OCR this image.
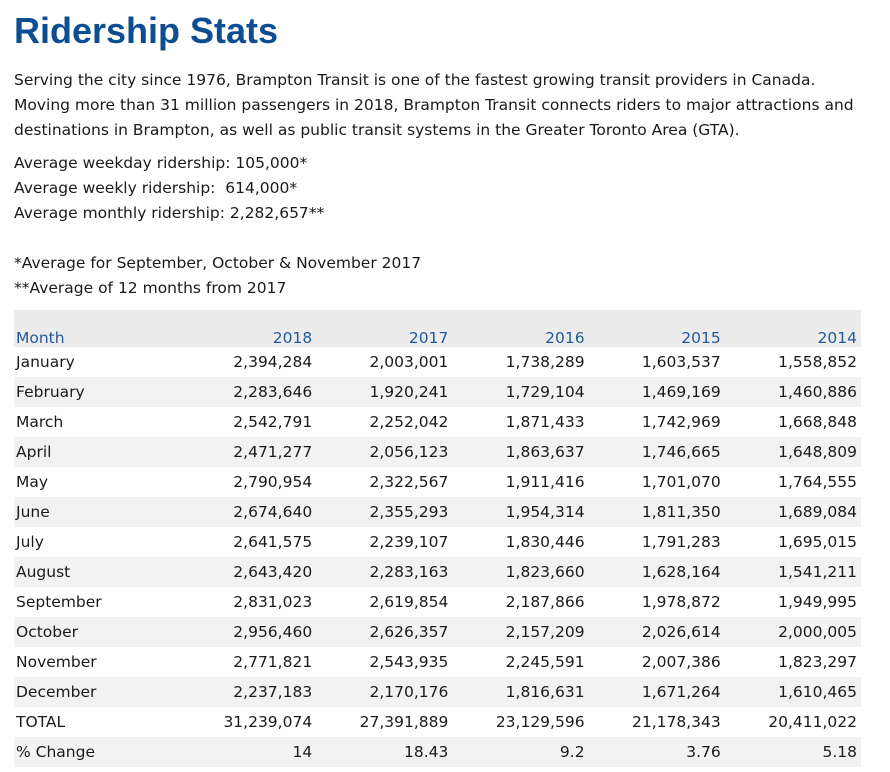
Ridership Stats

Serving the city since 1976, Brampton Transit is one of the fastest growing transit providers in Canada. Moving more than 31 million passengers in 2018, Brampton Transit connects riders to major attractions and destinations in Brampton, as well as public transit systems in the Greater Toronto Area (GTA).

Average weekday ridership: 105,000*

Average weekly ridership:  614,000*

Average monthly ridership: 2,282,657**

*Average for September, October & November 2017

**Average of 12 months from 2017

Month	2018	2017	2016	2015	2014
January	2,394,284	2,003,001	1,738,289	1,603,537	1,558,852
February	2,283,646	1,920,241	1,729,104	1,469,169	1,460,886
March	2,542,791	2,252,042	1,871,433	1,742,969	1,668,848
April	2,471,277	2,056,123	1,863,637	1,746,665	1,648,809
May	2,790,954	2,322,567	1,911,416	1,701,070	1,764,555
June	2,674,640	2,355,293	1,954,314	1,811,350	1,689,084
July	2,641,575	2,239,107	1,830,446	1,791,283	1,695,015
August	2,643,420	2,283,163	1,823,660	1,628,164	1,541,211
September	2,831,023	2,619,854	2,187,866	1,978,872	1,949,995
October	2,956,460	2,626,357	2,157,209	2,026,614	2,000,005
November	2,771,821	2,543,935	2,245,591	2,007,386	1,823,297
December	2,237,183	2,170,176	1,816,631	1,671,264	1,610,465
TOTAL	31,239,074	27,391,889	23,129,596	21,178,343	20,411,022
% Change	14	18.43	9.2	3.76	5.18
